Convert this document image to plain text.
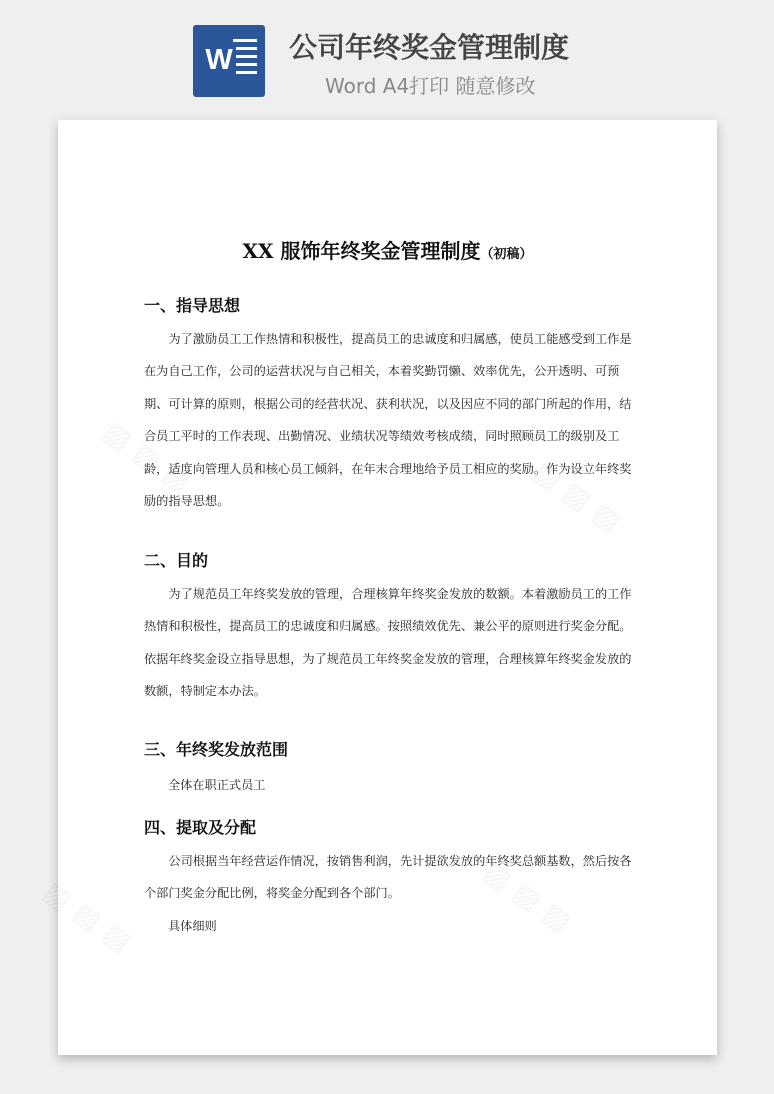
W 公司年终奖金管理制度
Word A4打印 随意修改
XX 服饰年终奖金管理制度（初稿）
一、指导思想
为了激励员工工作热情和积极性，提高员工的忠诚度和归属感，使员工能感受到工作是在为自己工作，公司的运营状况与自己相关，本着奖勤罚懒、效率优先，公开透明、可预期、可计算的原则，根据公司的经营状况、获利状况，以及因应不同的部门所起的作用，结合员工平时的工作表现、出勤情况、业绩状况等绩效考核成绩，同时照顾员工的级别及工龄，适度向管理人员和核心员工倾斜，在年末合理地给予员工相应的奖励。作为设立年终奖励的指导思想。
二、目的
为了规范员工年终奖发放的管理，合理核算年终奖金发放的数额。本着激励员工的工作热情和积极性，提高员工的忠诚度和归属感。按照绩效优先、兼公平的原则进行奖金分配。依据年终奖金设立指导思想，为了规范员工年终奖金发放的管理，合理核算年终奖金发放的数额，特制定本办法。
三、年终奖发放范围
全体在职正式员工
四、提取及分配
公司根据当年经营运作情况，按销售利润，先计提欲发放的年终奖总额基数，然后按各个部门奖金分配比例，将奖金分配到各个部门。
具体细则
